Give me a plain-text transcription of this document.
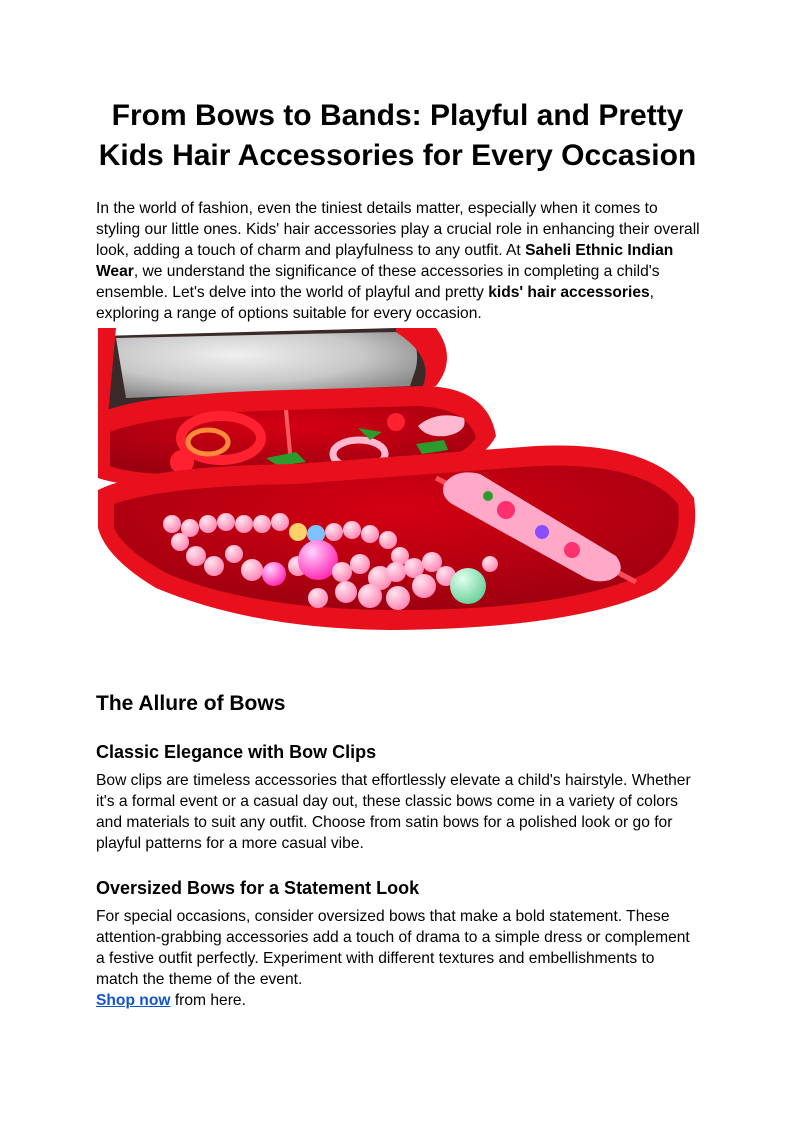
From Bows to Bands: Playful and Pretty Kids Hair Accessories for Every Occasion

In the world of fashion, even the tiniest details matter, especially when it comes to styling our little ones. Kids' hair accessories play a crucial role in enhancing their overall look, adding a touch of charm and playfulness to any outfit. At Saheli Ethnic Indian Wear, we understand the significance of these accessories in completing a child's ensemble. Let's delve into the world of playful and pretty kids' hair accessories, exploring a range of options suitable for every occasion.

The Allure of Bows
Classic Elegance with Bow Clips

Bow clips are timeless accessories that effortlessly elevate a child's hairstyle. Whether it's a formal event or a casual day out, these classic bows come in a variety of colors and materials to suit any outfit. Choose from satin bows for a polished look or go for playful patterns for a more casual vibe.

Oversized Bows for a Statement Look

For special occasions, consider oversized bows that make a bold statement. These attention-grabbing accessories add a touch of drama to a simple dress or complement a festive outfit perfectly. Experiment with different textures and embellishments to match the theme of the event.

Shop now from here.
